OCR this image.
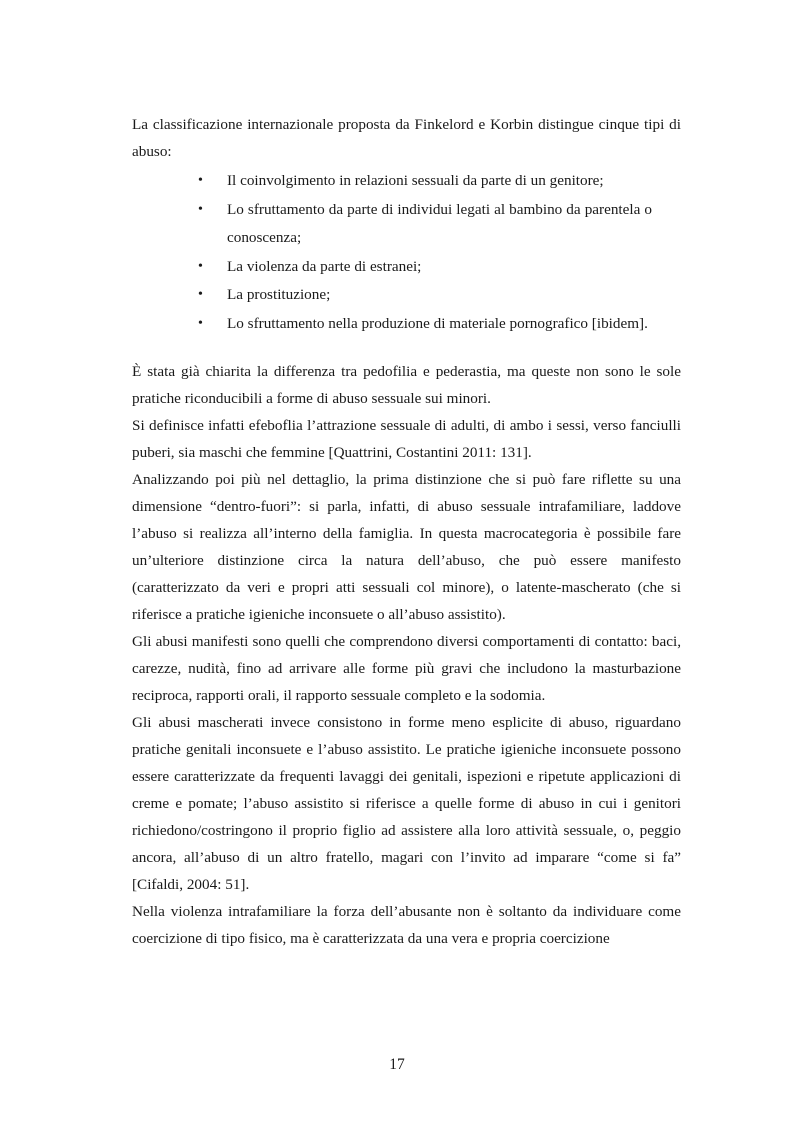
La classificazione internazionale proposta da Finkelord e Korbin distingue cinque tipi di abuso:

• Il coinvolgimento in relazioni sessuali da parte di un genitore;
• Lo sfruttamento da parte di individui legati al bambino da parentela o conoscenza;
• La violenza da parte di estranei;
• La prostituzione;
• Lo sfruttamento nella produzione di materiale pornografico [ibidem].

È stata già chiarita la differenza tra pedofilia e pederastia, ma queste non sono le sole pratiche riconducibili a forme di abuso sessuale sui minori.

Si definisce infatti efeboflia l’attrazione sessuale di adulti, di ambo i sessi, verso fanciulli puberi, sia maschi che femmine [Quattrini, Costantini 2011: 131].

Analizzando poi più nel dettaglio, la prima distinzione che si può fare riflette su una dimensione “dentro-fuori”: si parla, infatti, di abuso sessuale intrafamiliare, laddove l’abuso si realizza all’interno della famiglia. In questa macrocategoria è possibile fare un’ulteriore distinzione circa la natura dell’abuso, che può essere manifesto (caratterizzato da veri e propri atti sessuali col minore), o latente-mascherato (che si riferisce a pratiche igieniche inconsuete o all’abuso assistito).

Gli abusi manifesti sono quelli che comprendono diversi comportamenti di contatto: baci, carezze, nudità, fino ad arrivare alle forme più gravi che includono la masturbazione reciproca, rapporti orali, il rapporto sessuale completo e la sodomia.

Gli abusi mascherati invece consistono in forme meno esplicite di abuso, riguardano pratiche genitali inconsuete e l’abuso assistito. Le pratiche igieniche inconsuete possono essere caratterizzate da frequenti lavaggi dei genitali, ispezioni e ripetute applicazioni di creme e pomate; l’abuso assistito si riferisce a quelle forme di abuso in cui i genitori richiedono/costringono il proprio figlio ad assistere alla loro attività sessuale, o, peggio ancora, all’abuso di un altro fratello, magari con l’invito ad imparare “come si fa” [Cifaldi, 2004: 51].

Nella violenza intrafamiliare la forza dell’abusante non è soltanto da individuare come coercizione di tipo fisico, ma è caratterizzata da una vera e propria coercizione

17
